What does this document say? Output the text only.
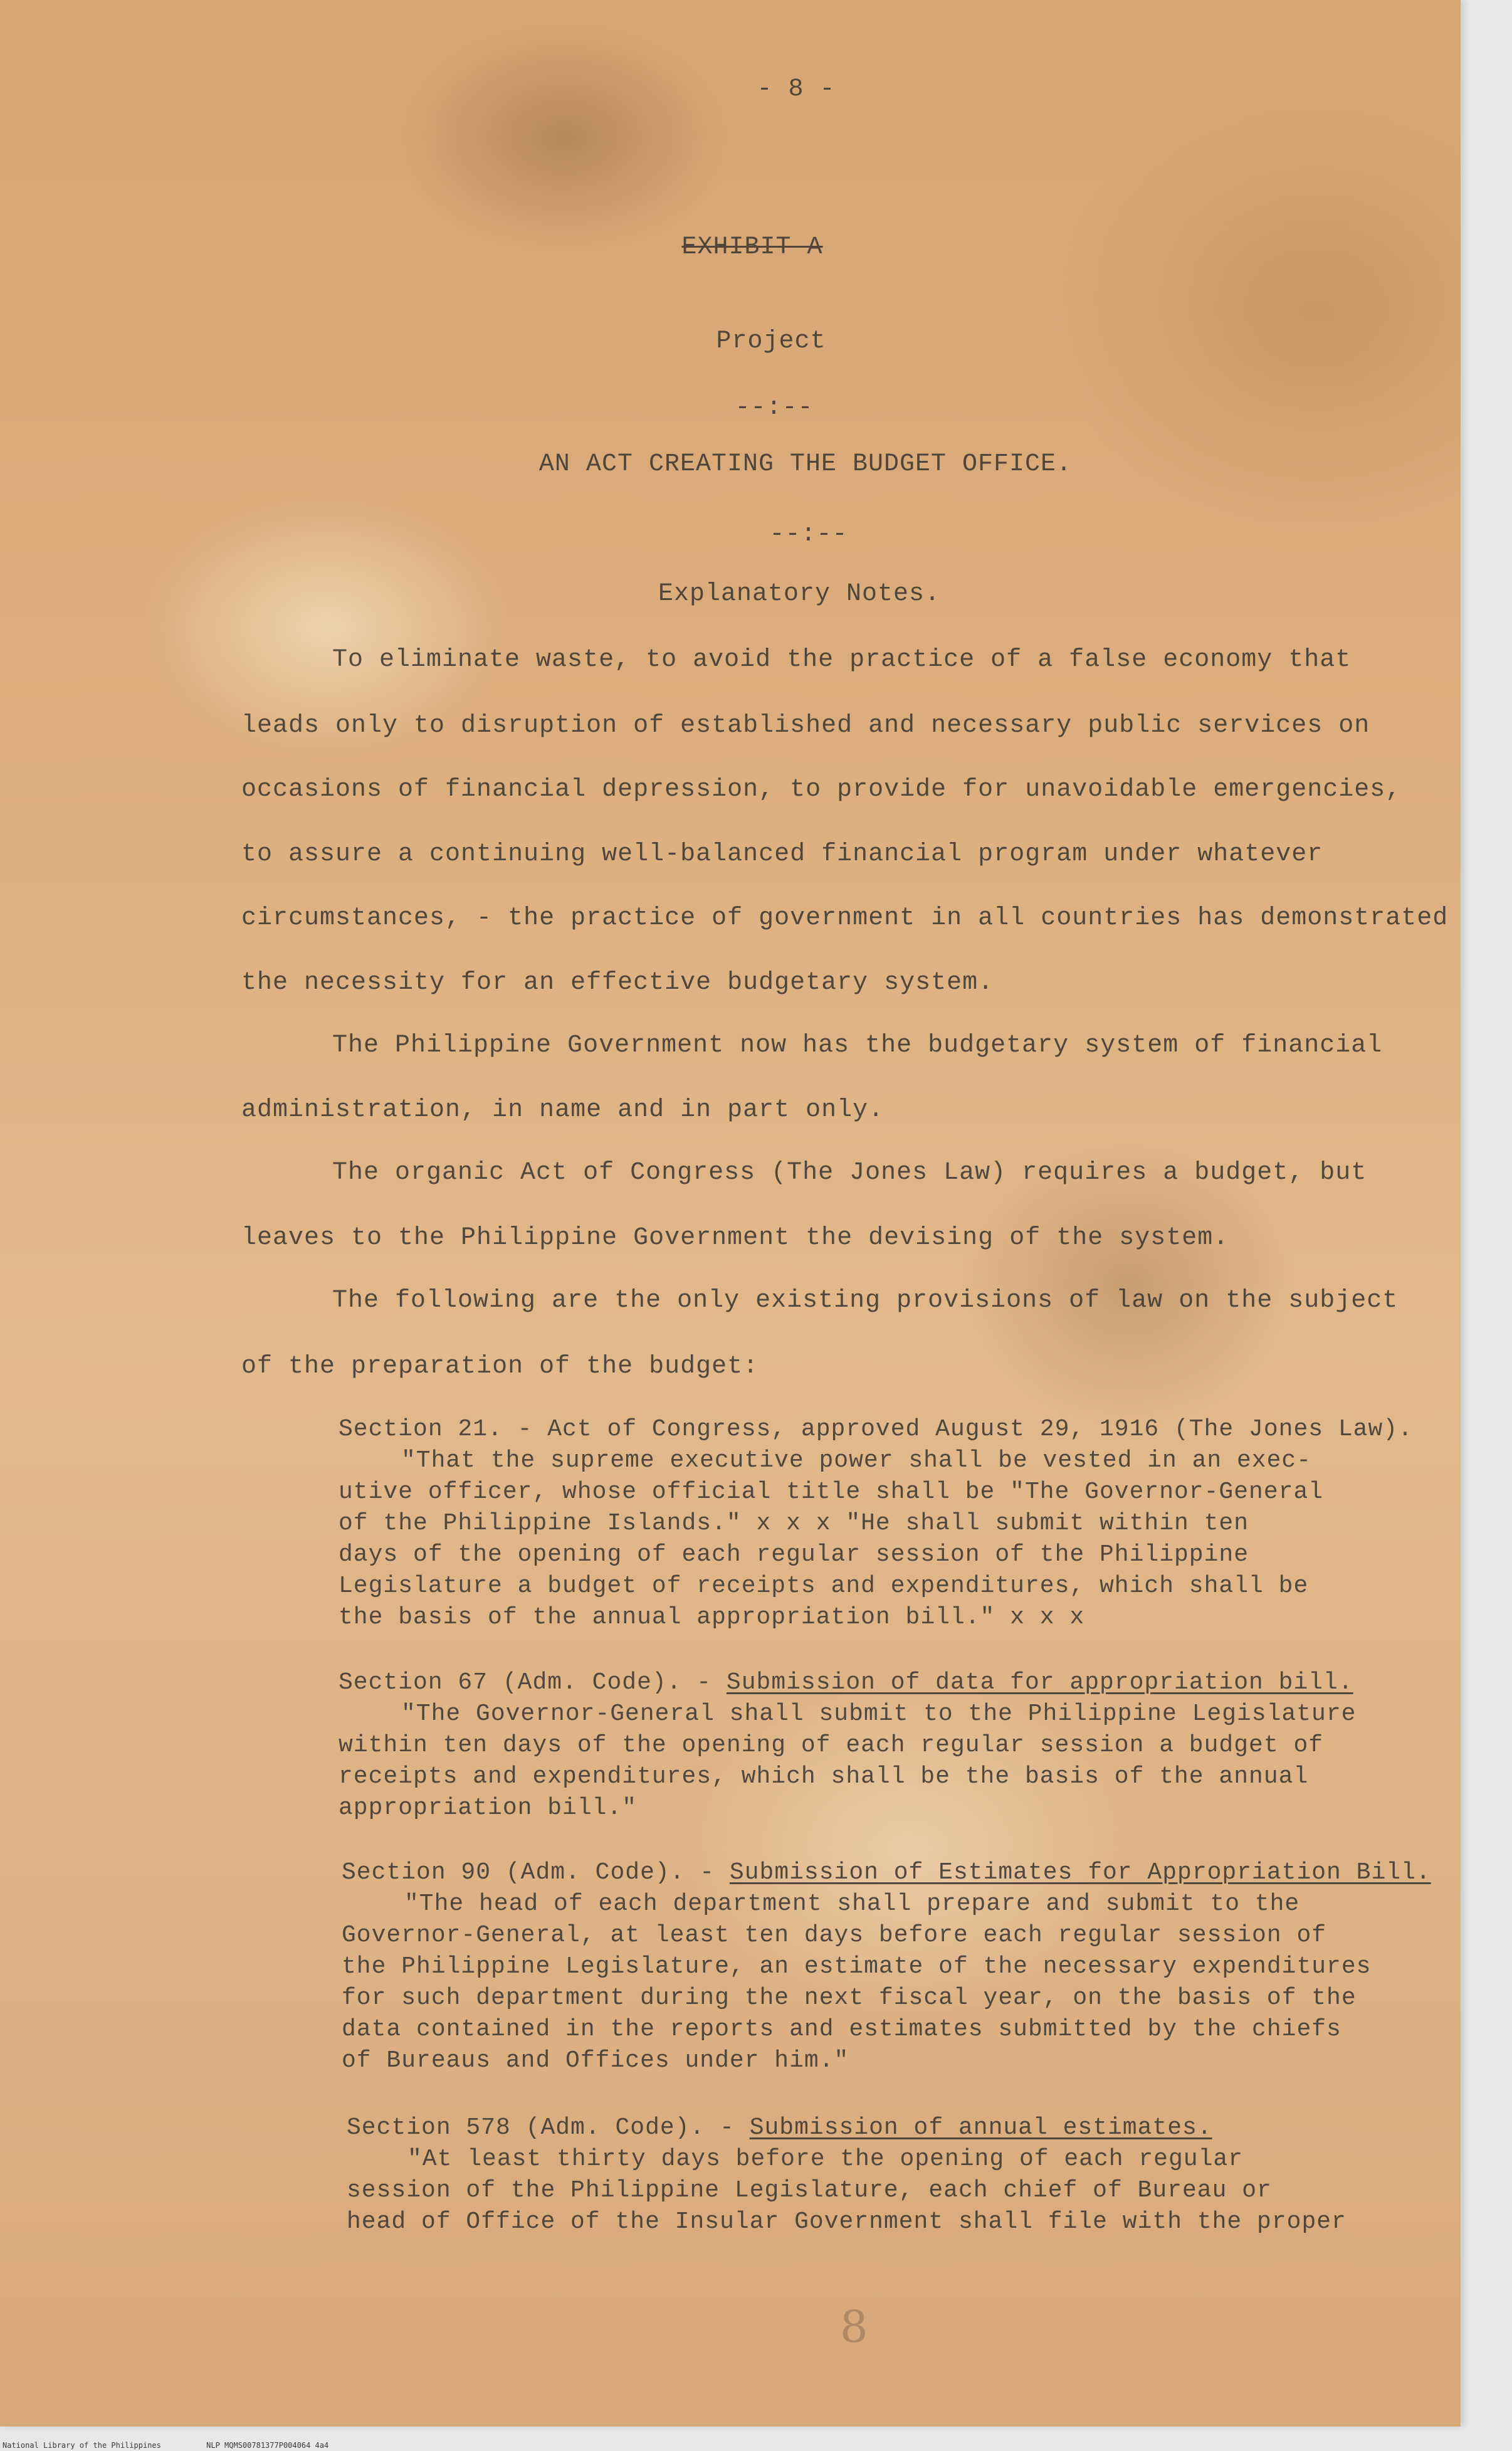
- 8 -
EXHIBIT A
Project
--:--
AN ACT CREATING THE BUDGET OFFICE.
--:--
Explanatory Notes.
To eliminate waste, to avoid the practice of a false economy that
leads only to disruption of established and necessary public services on
occasions of financial depression, to provide for unavoidable emergencies,
to assure a continuing well-balanced financial program under whatever
circumstances, - the practice of government in all countries has demonstrated
the necessity for an effective budgetary system.
The Philippine Government now has the budgetary system of financial
administration, in name and in part only.
The organic Act of Congress (The Jones Law) requires a budget, but
leaves to the Philippine Government the devising of the system.
The following are the only existing provisions of law on the subject
of the preparation of the budget:
Section 21. - Act of Congress, approved August 29, 1916 (The Jones Law).
"That the supreme executive power shall be vested in an exec-
utive officer, whose official title shall be "The Governor-General
of the Philippine Islands." x x x "He shall submit within ten
days of the opening of each regular session of the Philippine
Legislature a budget of receipts and expenditures, which shall be
the basis of the annual appropriation bill." x x x
Section 67 (Adm. Code). - Submission of data for appropriation bill.
"The Governor-General shall submit to the Philippine Legislature
within ten days of the opening of each regular session a budget of
receipts and expenditures, which shall be the basis of the annual
appropriation bill."
Section 90 (Adm. Code). - Submission of Estimates for Appropriation Bill.
"The head of each department shall prepare and submit to the
Governor-General, at least ten days before each regular session of
the Philippine Legislature, an estimate of the necessary expenditures
for such department during the next fiscal year, on the basis of the
data contained in the reports and estimates submitted by the chiefs
of Bureaus and Offices under him."
Section 578 (Adm. Code). - Submission of annual estimates.
"At least thirty days before the opening of each regular
session of the Philippine Legislature, each chief of Bureau or
head of Office of the Insular Government shall file with the proper
8
National Library of the Philippines	NLP MQMS00781377P004064 4a4
